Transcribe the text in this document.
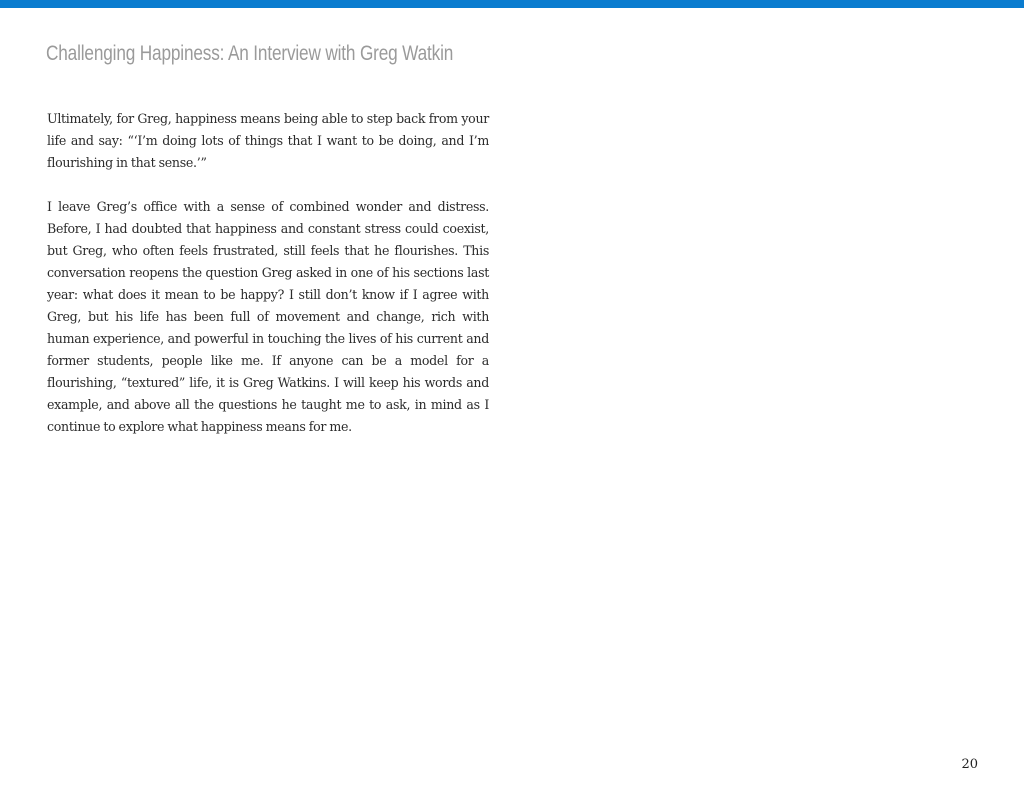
Challenging Happiness: An Interview with Greg Watkin

Ultimately, for Greg, happiness means being able to step back from your life and say: “‘I’m doing lots of things that I want to be doing, and I’m flourishing in that sense.’”

I leave Greg’s office with a sense of combined wonder and distress. Before, I had doubted that happiness and constant stress could coexist, but Greg, who often feels frustrated, still feels that he flourishes. This conversation reopens the question Greg asked in one of his sections last year: what does it mean to be happy? I still don’t know if I agree with Greg, but his life has been full of movement and change, rich with human experience, and powerful in touching the lives of his current and former students, people like me. If anyone can be a model for a flourishing, “textured” life, it is Greg Watkins. I will keep his words and example, and above all the questions he taught me to ask, in mind as I continue to explore what happiness means for me.

20
